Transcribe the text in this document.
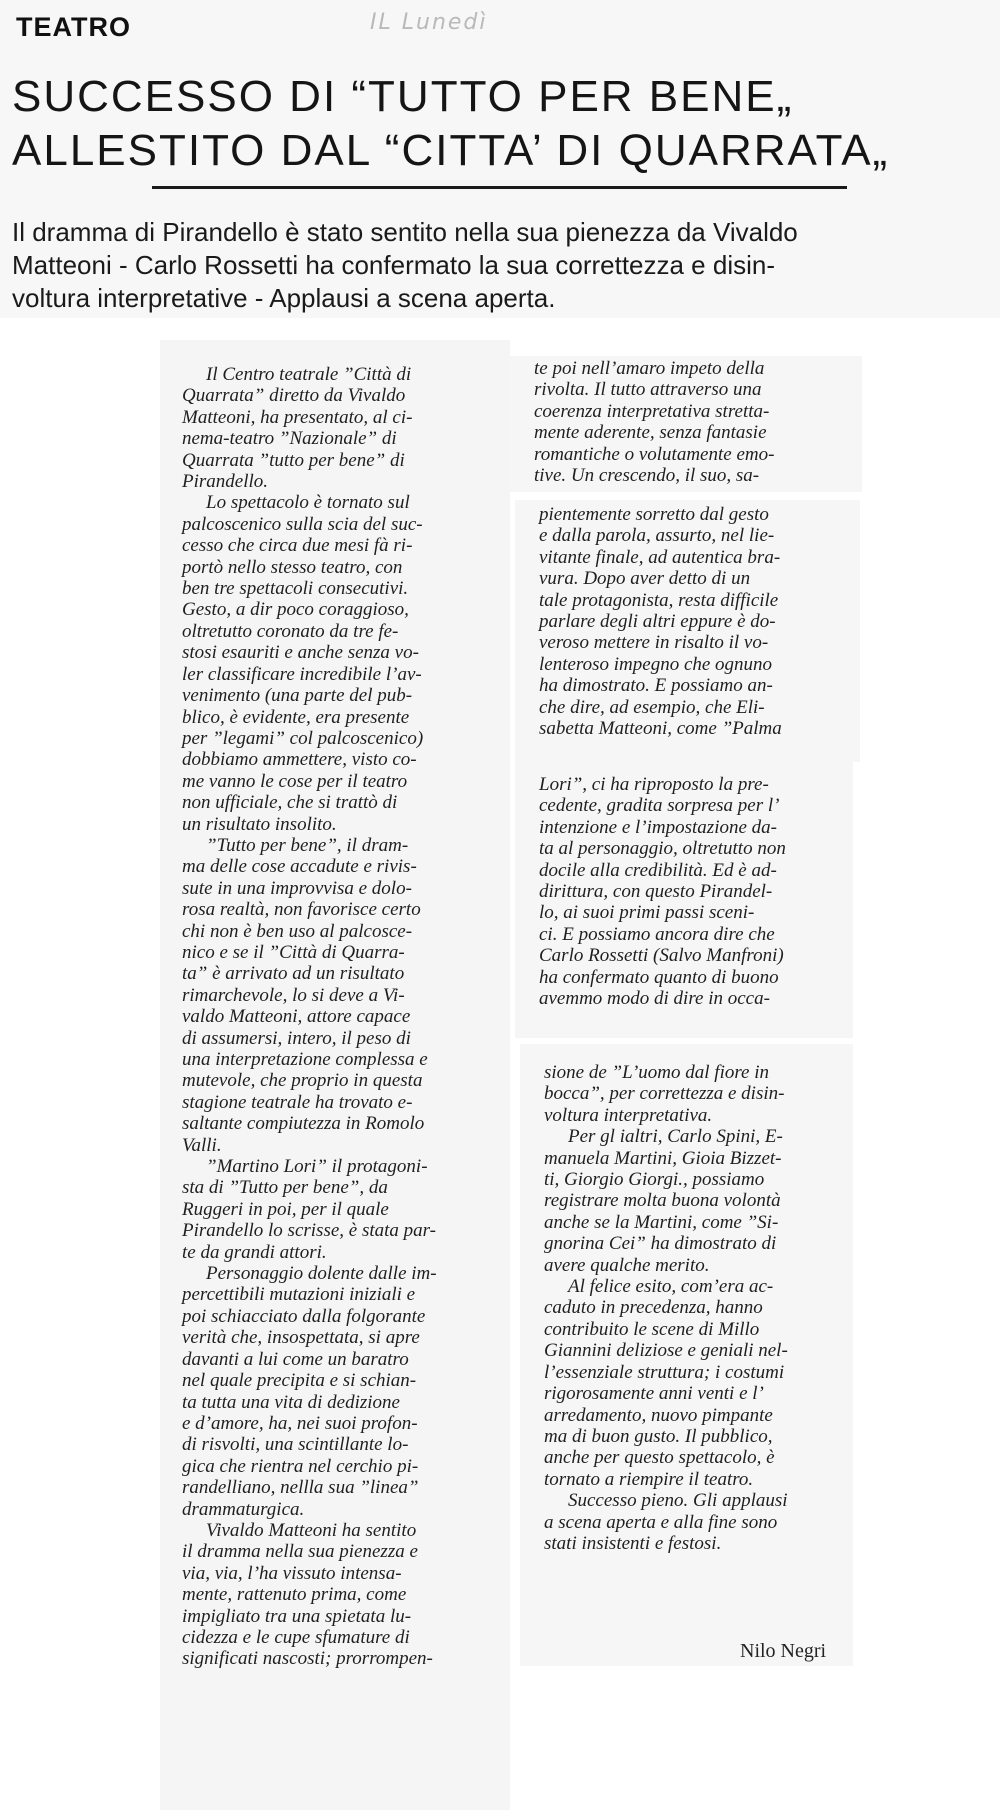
TEATRO	IL Lunedì
SUCCESSO DI “TUTTO PER BENE„
ALLESTITO DAL “CITTA’ DI QUARRATA„
Il dramma di Pirandello è stato sentito nella sua pienezza da Vivaldo
Matteoni - Carlo Rossetti ha confermato la sua correttezza e disin-
voltura interpretative - Applausi a scena aperta.
Il Centro teatrale ”Città di
Quarrata” diretto da Vivaldo
Matteoni, ha presentato, al ci-
nema-teatro ”Nazionale” di
Quarrata ”tutto per bene” di
Pirandello.
Lo spettacolo è tornato sul
palcoscenico sulla scia del suc-
cesso che circa due mesi fà ri-
portò nello stesso teatro, con
ben tre spettacoli consecutivi.
Gesto, a dir poco coraggioso,
oltretutto coronato da tre fe-
stosi esauriti e anche senza vo-
ler classificare incredibile l’av-
venimento (una parte del pub-
blico, è evidente, era presente
per ”legami” col palcoscenico)
dobbiamo ammettere, visto co-
me vanno le cose per il teatro
non ufficiale, che si trattò di
un risultato insolito.
”Tutto per bene”, il dram-
ma delle cose accadute e rivis-
sute in una improvvisa e dolo-
rosa realtà, non favorisce certo
chi non è ben uso al palcosce-
nico e se il ”Città di Quarra-
ta” è arrivato ad un risultato
rimarchevole, lo si deve a Vi-
valdo Matteoni, attore capace
di assumersi, intero, il peso di
una interpretazione complessa e
mutevole, che proprio in questa
stagione teatrale ha trovato e-
saltante compiutezza in Romolo
Valli.
”Martino Lori” il protagoni-
sta di ”Tutto per bene”, da
Ruggeri in poi, per il quale
Pirandello lo scrisse, è stata par-
te da grandi attori.
Personaggio dolente dalle im-
percettibili mutazioni iniziali e
poi schiacciato dalla folgorante
verità che, insospettata, si apre
davanti a lui come un baratro
nel quale precipita e si schian-
ta tutta una vita di dedizione
e d’amore, ha, nei suoi profon-
di risvolti, una scintillante lo-
gica che rientra nel cerchio pi-
randelliano, nellla sua ”linea”
drammaturgica.
Vivaldo Matteoni ha sentito
il dramma nella sua pienezza e
via, via, l’ha vissuto intensa-
mente, rattenuto prima, come
impigliato tra una spietata lu-
cidezza e le cupe sfumature di
significati nascosti; prorrompen-
te poi nell’amaro impeto della
rivolta. Il tutto attraverso una
coerenza interpretativa stretta-
mente aderente, senza fantasie
romantiche o volutamente emo-
tive. Un crescendo, il suo, sa-
pientemente sorretto dal gesto
e dalla parola, assurto, nel lie-
vitante finale, ad autentica bra-
vura. Dopo aver detto di un
tale protagonista, resta difficile
parlare degli altri eppure è do-
veroso mettere in risalto il vo-
lenteroso impegno che ognuno
ha dimostrato. E possiamo an-
che dire, ad esempio, che Eli-
sabetta Matteoni, come ”Palma
Lori”, ci ha riproposto la pre-
cedente, gradita sorpresa per l’
intenzione e l’impostazione da-
ta al personaggio, oltretutto non
docile alla credibilità. Ed è ad-
dirittura, con questo Pirandel-
lo, ai suoi primi passi sceni-
ci. E possiamo ancora dire che
Carlo Rossetti (Salvo Manfroni)
ha confermato quanto di buono
avemmo modo di dire in occa-
sione de ”L’uomo dal fiore in
bocca”, per correttezza e disin-
voltura interpretativa.
Per gl ialtri, Carlo Spini, E-
manuela Martini, Gioia Bizzet-
ti, Giorgio Giorgi., possiamo
registrare molta buona volontà
anche se la Martini, come ”Si-
gnorina Cei” ha dimostrato di
avere qualche merito.
Al felice esito, com’era ac-
caduto in precedenza, hanno
contribuito le scene di Millo
Giannini deliziose e geniali nel-
l’essenziale struttura; i costumi
rigorosamente anni venti e l’
arredamento, nuovo pimpante
ma di buon gusto. Il pubblico,
anche per questo spettacolo, è
tornato a riempire il teatro.
Successo pieno. Gli applausi
a scena aperta e alla fine sono
stati insistenti e festosi.
Nilo Negri
